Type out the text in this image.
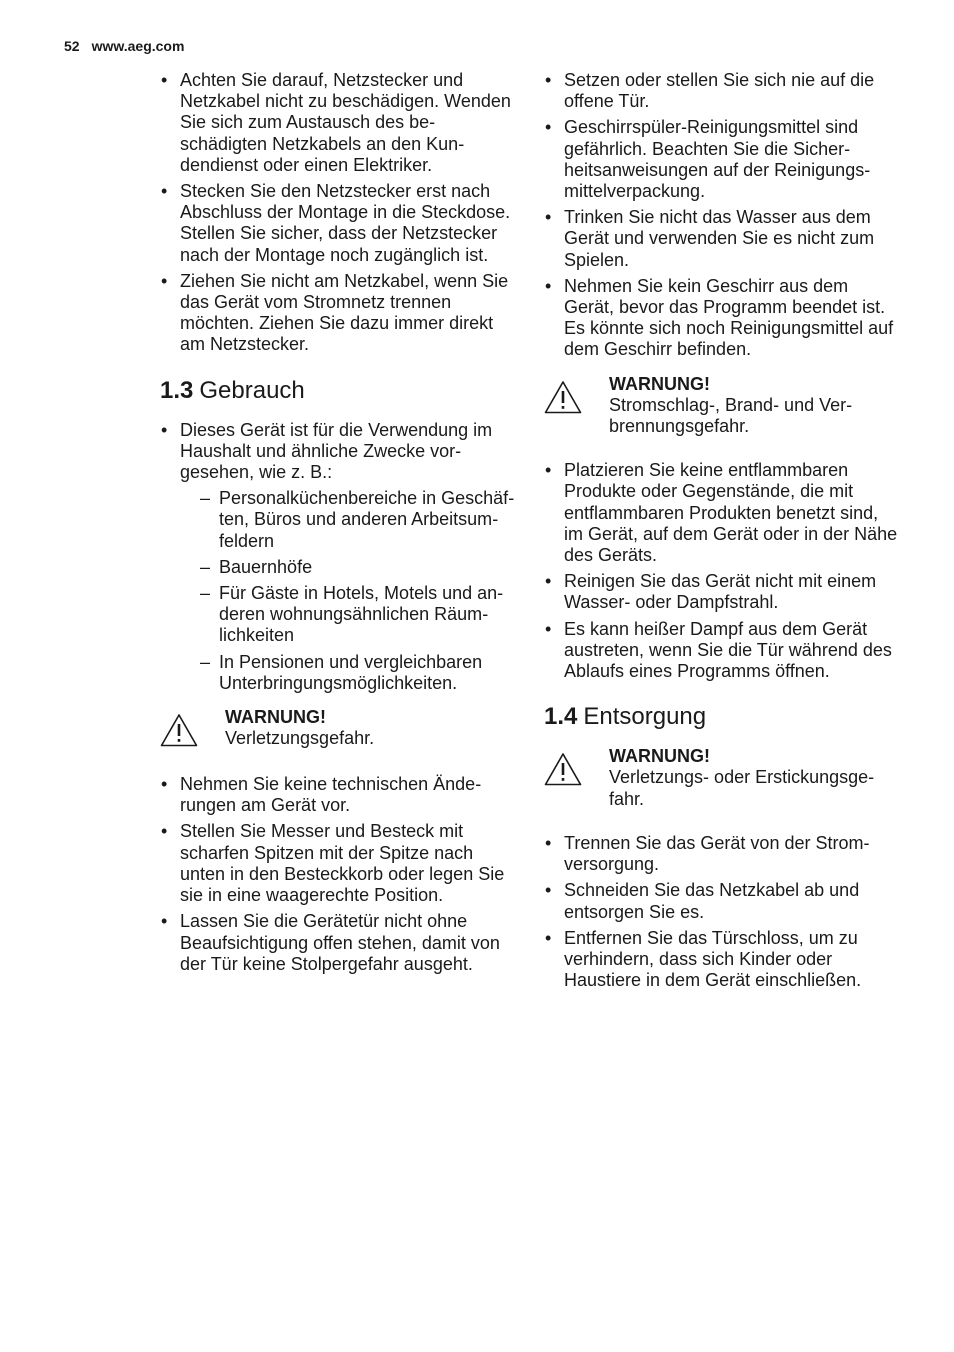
52 www.aeg.com
• Achten Sie darauf, Netzstecker und Netzkabel nicht zu beschädigen. Wenden Sie sich zum Austausch des beschädigten Netzkabels an den Kundendienst oder einen Elektriker.
• Stecken Sie den Netzstecker erst nach Abschluss der Montage in die Steckdose. Stellen Sie sicher, dass der Netzstecker nach der Montage noch zugänglich ist.
• Ziehen Sie nicht am Netzkabel, wenn Sie das Gerät vom Stromnetz trennen möchten. Ziehen Sie dazu immer direkt am Netzstecker.
1.3 Gebrauch
• Dieses Gerät ist für die Verwendung im Haushalt und ähnliche Zwecke vorgesehen, wie z. B.:
– Personalküchenbereiche in Geschäften, Büros und anderen Arbeitsumfeldern
– Bauernhöfe
– Für Gäste in Hotels, Motels und anderen wohnungsähnlichen Räumlichkeiten
– In Pensionen und vergleichbaren Unterbringungsmöglichkeiten.
WARNUNG!
Verletzungsgefahr.
• Nehmen Sie keine technischen Änderungen am Gerät vor.
• Stellen Sie Messer und Besteck mit scharfen Spitzen mit der Spitze nach unten in den Besteckkorb oder legen Sie sie in eine waagerechte Position.
• Lassen Sie die Gerätetür nicht ohne Beaufsichtigung offen stehen, damit von der Tür keine Stolpergefahr ausgeht.
• Setzen oder stellen Sie sich nie auf die offene Tür.
• Geschirrspüler-Reinigungsmittel sind gefährlich. Beachten Sie die Sicherheitsanweisungen auf der Reinigungsmittelverpackung.
• Trinken Sie nicht das Wasser aus dem Gerät und verwenden Sie es nicht zum Spielen.
• Nehmen Sie kein Geschirr aus dem Gerät, bevor das Programm beendet ist. Es könnte sich noch Reinigungsmittel auf dem Geschirr befinden.
WARNUNG!
Stromschlag-, Brand- und Verbrennungsgefahr.
• Platzieren Sie keine entflammbaren Produkte oder Gegenstände, die mit entflammbaren Produkten benetzt sind, im Gerät, auf dem Gerät oder in der Nähe des Geräts.
• Reinigen Sie das Gerät nicht mit einem Wasser- oder Dampfstrahl.
• Es kann heißer Dampf aus dem Gerät austreten, wenn Sie die Tür während des Ablaufs eines Programms öffnen.
1.4 Entsorgung
WARNUNG!
Verletzungs- oder Erstickungsgefahr.
• Trennen Sie das Gerät von der Stromversorgung.
• Schneiden Sie das Netzkabel ab und entsorgen Sie es.
• Entfernen Sie das Türschloss, um zu verhindern, dass sich Kinder oder Haustiere in dem Gerät einschließen.
